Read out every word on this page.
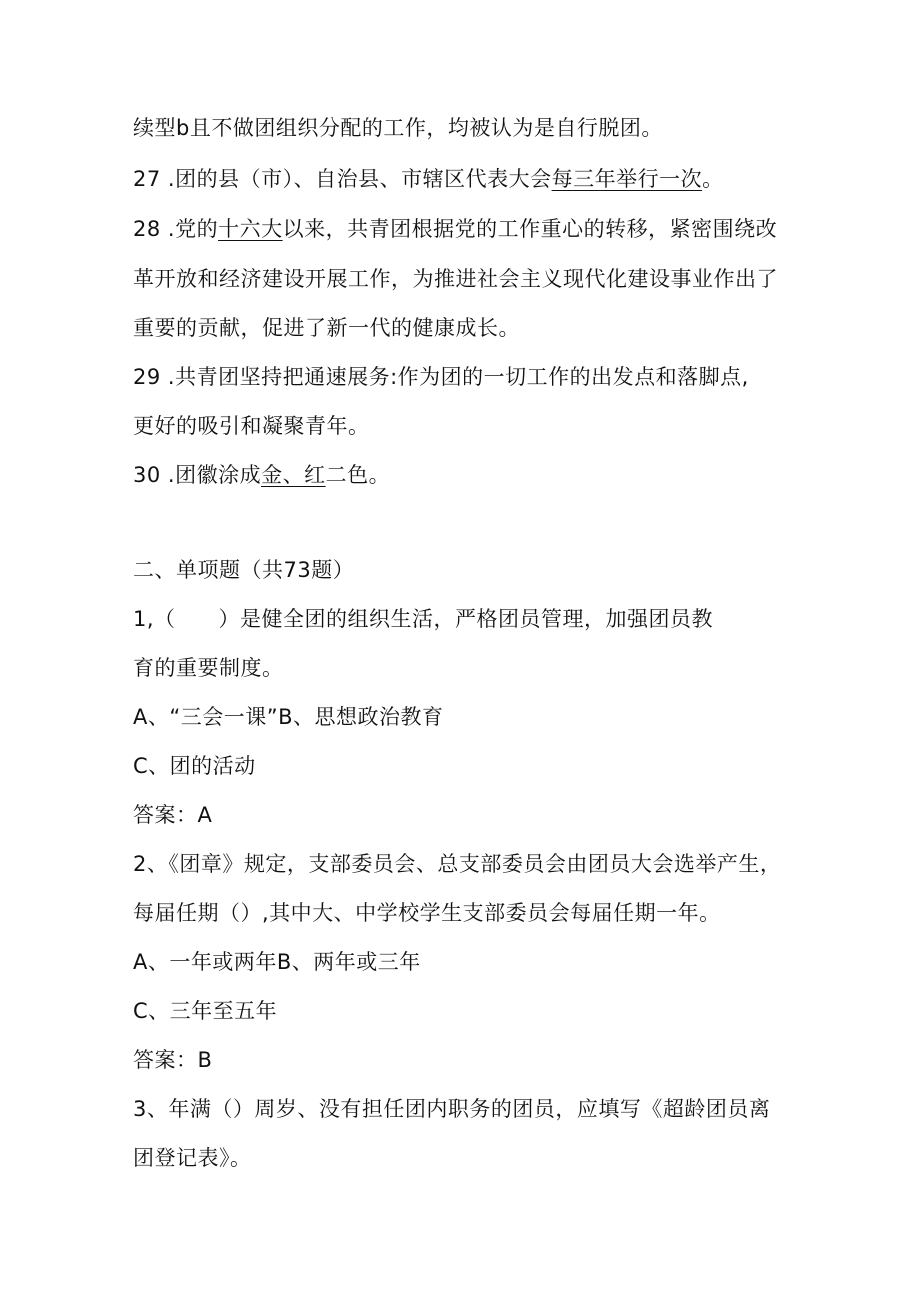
续型b且不做团组织分配的工作，均被认为是自行脱团。
27 .团的县（市）、自治县、市辖区代表大会每三年举行一次。
28 .党的十六大以来，共青团根据党的工作重心的转移，紧密围绕改
革开放和经济建设开展工作，为推进社会主义现代化建设事业作出了
重要的贡献，促进了新一代的健康成长。
29 .共青团坚持把通速展务:作为团的一切工作的出发点和落脚点,
更好的吸引和凝聚青年。
30 .团徽涂成金、红二色。
二、单项题（共73题）
1,（　　）是健全团的组织生活，严格团员管理，加强团员教
育的重要制度。
A、“三会一课”B、思想政治教育
C、团的活动
答案：A
2、《团章》规定，支部委员会、总支部委员会由团员大会选举产生，
每届任期（）,其中大、中学校学生支部委员会每届任期一年。
A、一年或两年B、两年或三年
C、三年至五年
答案：B
3、年满（）周岁、没有担任团内职务的团员，应填写《超龄团员离
团登记表》。
